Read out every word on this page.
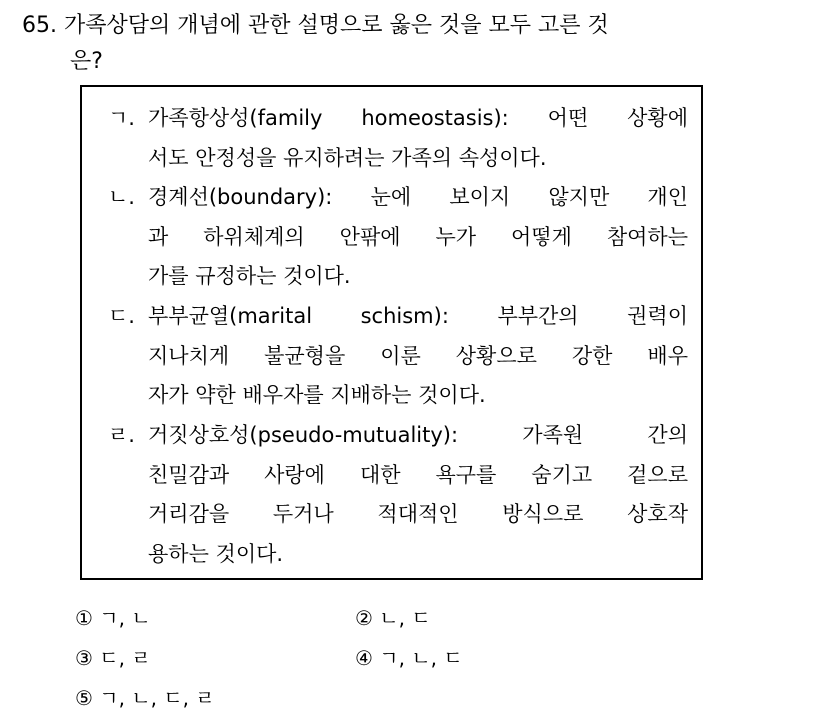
65. 가족상담의 개념에 관한 설명으로 옳은 것을 모두 고른 것
은?
ㄱ. 가족항상성(family homeostasis): 어떤 상황에
서도 안정성을 유지하려는 가족의 속성이다.
ㄴ. 경계선(boundary): 눈에 보이지 않지만 개인
과 하위체계의 안팎에 누가 어떻게 참여하는
가를 규정하는 것이다.
ㄷ. 부부균열(marital schism): 부부간의 권력이
지나치게 불균형을 이룬 상황으로 강한 배우
자가 약한 배우자를 지배하는 것이다.
ㄹ. 거짓상호성(pseudo-mutuality): 가족원 간의
친밀감과 사랑에 대한 욕구를 숨기고 겉으로
거리감을 두거나 적대적인 방식으로 상호작
용하는 것이다.
① ㄱ, ㄴ	② ㄴ, ㄷ
③ ㄷ, ㄹ	④ ㄱ, ㄴ, ㄷ
⑤ ㄱ, ㄴ, ㄷ, ㄹ
